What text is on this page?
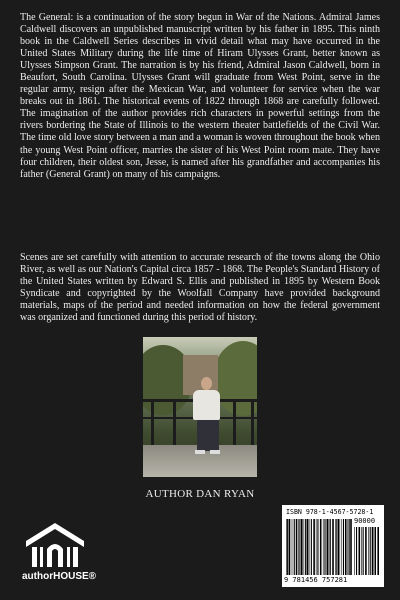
The General: is a continuation of the story begun in War of the Nations. Admiral James Caldwell discovers an unpublished manuscript written by his father in 1895. This ninth book in the Caldwell Series describes in vivid detail what may have occurred in the United States Military during the life time of Hiram Ulysses Grant, better known as Ulysses Simpson Grant. The narration is by his friend, Admiral Jason Caldwell, born in Beaufort, South Carolina. Ulysses Grant will graduate from West Point, serve in the regular army, resign after the Mexican War, and volunteer for service when the war breaks out in 1861. The historical events of 1822 through 1868 are carefully followed. The imagination of the author provides rich characters in powerful settings from the rivers bordering the State of Illinois to the western theater battlefields of the Civil War. The time old love story between a man and a woman is woven throughout the book when the young West Point officer, marries the sister of his West Point room mate. They have four children, their oldest son, Jesse, is named after his grandfather and accompanies his father (General Grant) on many of his campaigns.

Scenes are set carefully with attention to accurate research of the towns along the Ohio River, as well as our Nation's Capital circa 1857 - 1868. The People's Standard History of the United States written by Edward S. Ellis and published in 1895 by Western Book Syndicate and copyrighted by the Woolfall Company have provided background materials, maps of the period and needed information on how the federal government was organized and functioned during this period of history.

AUTHOR DAN RYAN
authorHOUSE®
ISBN 978-1-4567-5728-1
90000
9 781456 757281
